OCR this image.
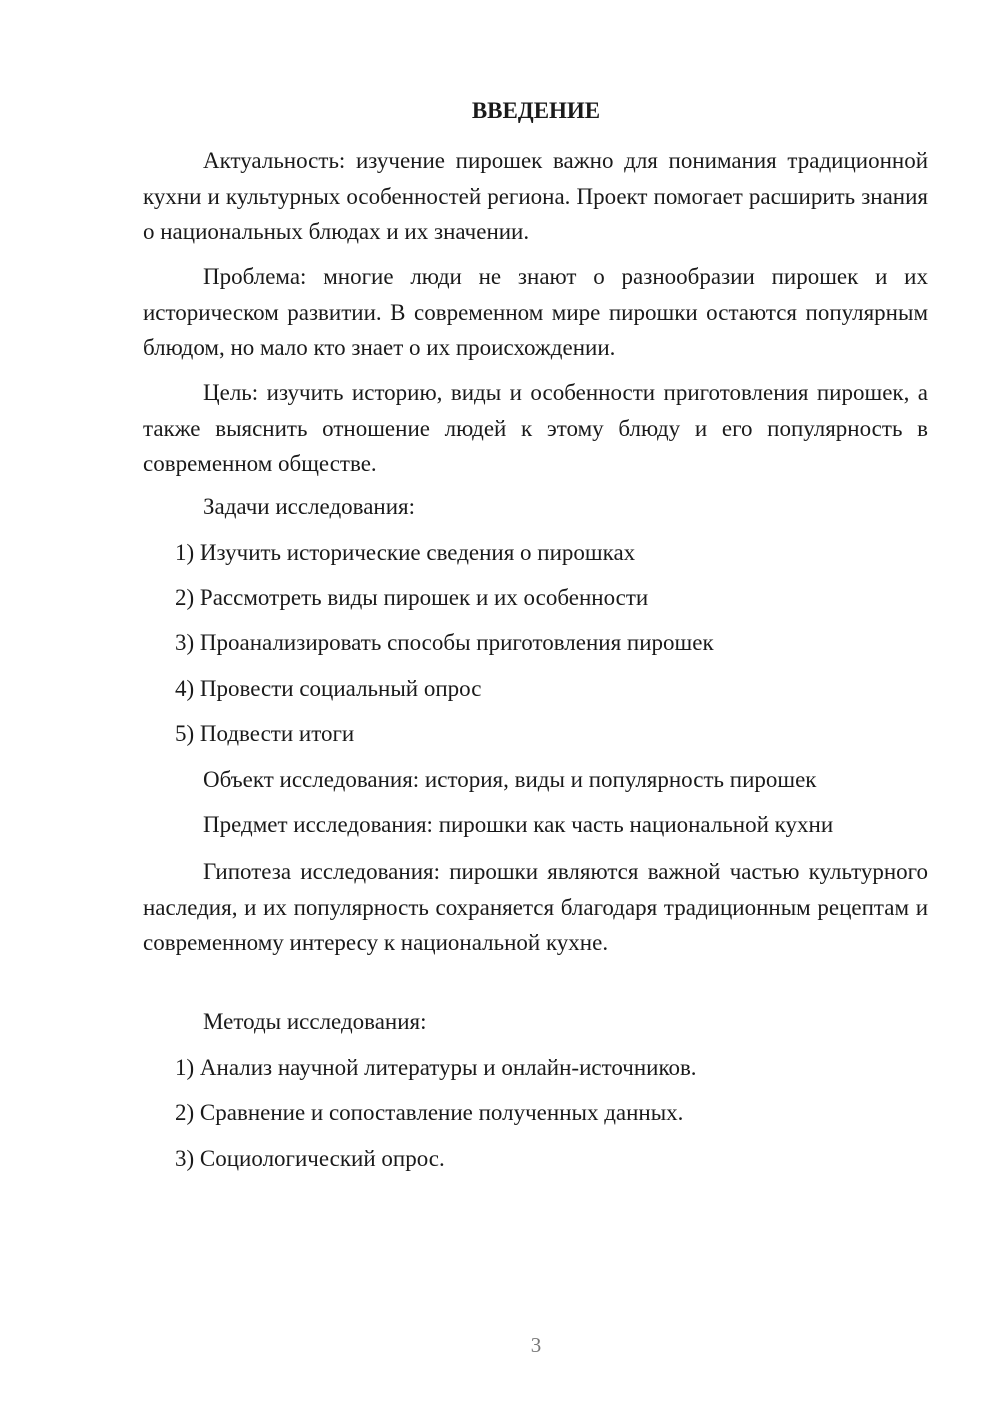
ВВЕДЕНИЕ

Актуальность: изучение пирошек важно для понимания традиционной кухни и культурных особенностей региона. Проект помогает расширить знания о национальных блюдах и их значении.

Проблема: многие люди не знают о разнообразии пирошек и их историческом развитии. В современном мире пирошки остаются популярным блюдом, но мало кто знает о их происхождении.

Цель: изучить историю, виды и особенности приготовления пирошек, а также выяснить отношение людей к этому блюду и его популярность в современном обществе.

Задачи исследования:

1) Изучить исторические сведения о пирошках

2) Рассмотреть виды пирошек и их особенности

3) Проанализировать способы приготовления пирошек

4) Провести социальный опрос

5) Подвести итоги

Объект исследования: история, виды и популярность пирошек

Предмет исследования: пирошки как часть национальной кухни

Гипотеза исследования: пирошки являются важной частью культурного наследия, и их популярность сохраняется благодаря традиционным рецептам и современному интересу к национальной кухне.

Методы исследования:

1) Анализ научной литературы и онлайн-источников.

2) Сравнение и сопоставление полученных данных.

3) Социологический опрос.

3
